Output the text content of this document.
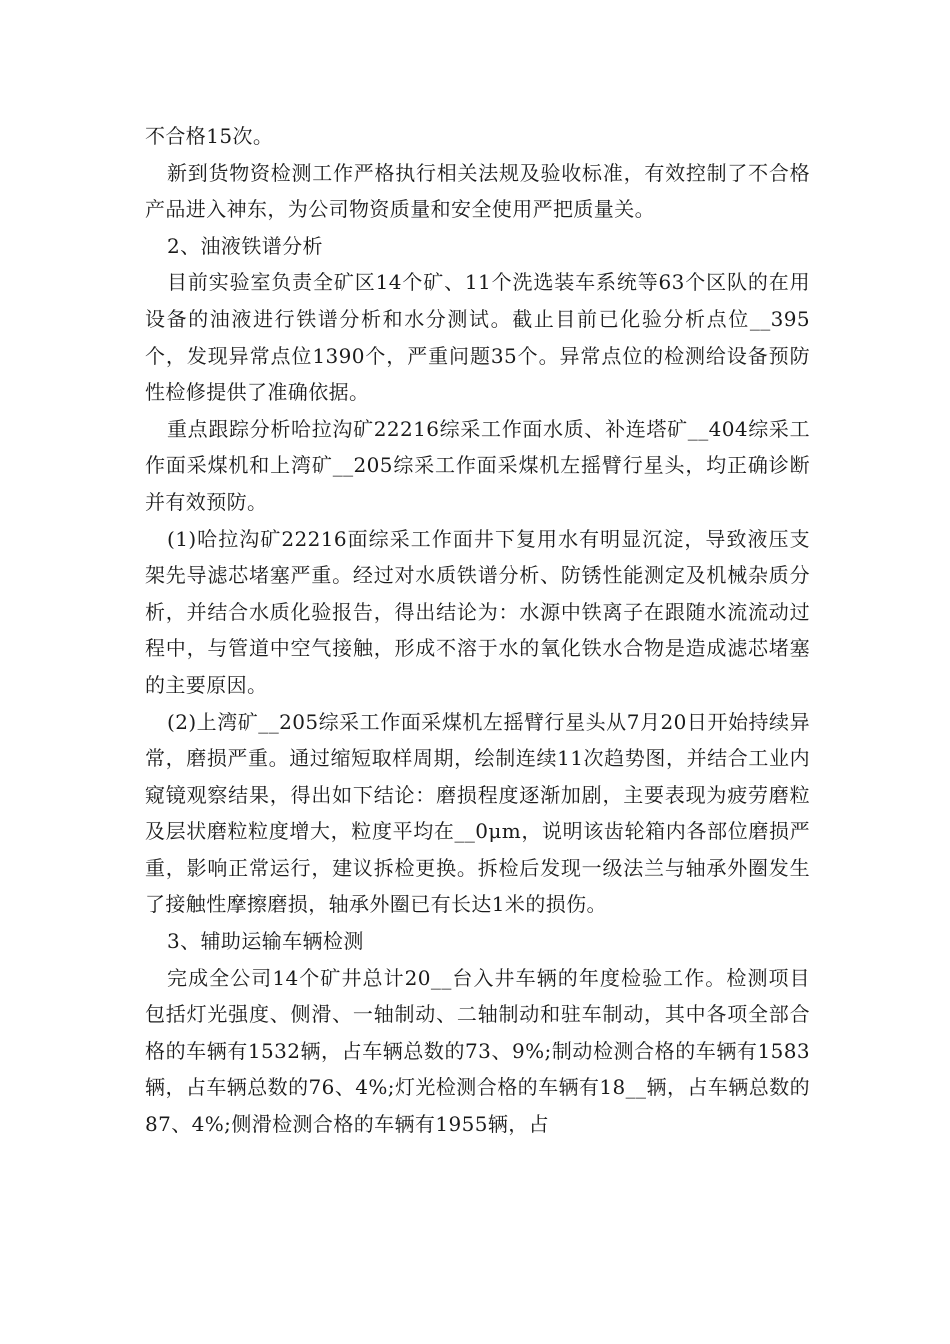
不合格15次。

新到货物资检测工作严格执行相关法规及验收标准，有效控制了不合格产品进入神东，为公司物资质量和安全使用严把质量关。

2、油液铁谱分析

目前实验室负责全矿区14个矿、11个洗选装车系统等63个区队的在用设备的油液进行铁谱分析和水分测试。截止目前已化验分析点位__395个，发现异常点位1390个，严重问题35个。异常点位的检测给设备预防性检修提供了准确依据。

重点跟踪分析哈拉沟矿22216综采工作面水质、补连塔矿__404综采工作面采煤机和上湾矿__205综采工作面采煤机左摇臂行星头，均正确诊断并有效预防。

(1)哈拉沟矿22216面综采工作面井下复用水有明显沉淀，导致液压支架先导滤芯堵塞严重。经过对水质铁谱分析、防锈性能测定及机械杂质分析，并结合水质化验报告，得出结论为：水源中铁离子在跟随水流流动过程中，与管道中空气接触，形成不溶于水的氧化铁水合物是造成滤芯堵塞的主要原因。

(2)上湾矿__205综采工作面采煤机左摇臂行星头从7月20日开始持续异常，磨损严重。通过缩短取样周期，绘制连续11次趋势图，并结合工业内窥镜观察结果，得出如下结论：磨损程度逐渐加剧，主要表现为疲劳磨粒及层状磨粒粒度增大，粒度平均在__0μm，说明该齿轮箱内各部位磨损严重，影响正常运行，建议拆检更换。拆检后发现一级法兰与轴承外圈发生了接触性摩擦磨损，轴承外圈已有长达1米的损伤。

3、辅助运输车辆检测

完成全公司14个矿井总计20__台入井车辆的年度检验工作。检测项目包括灯光强度、侧滑、一轴制动、二轴制动和驻车制动，其中各项全部合格的车辆有1532辆，占车辆总数的73、9%;制动检测合格的车辆有1583辆，占车辆总数的76、4%;灯光检测合格的车辆有18__辆，占车辆总数的87、4%;侧滑检测合格的车辆有1955辆，占
